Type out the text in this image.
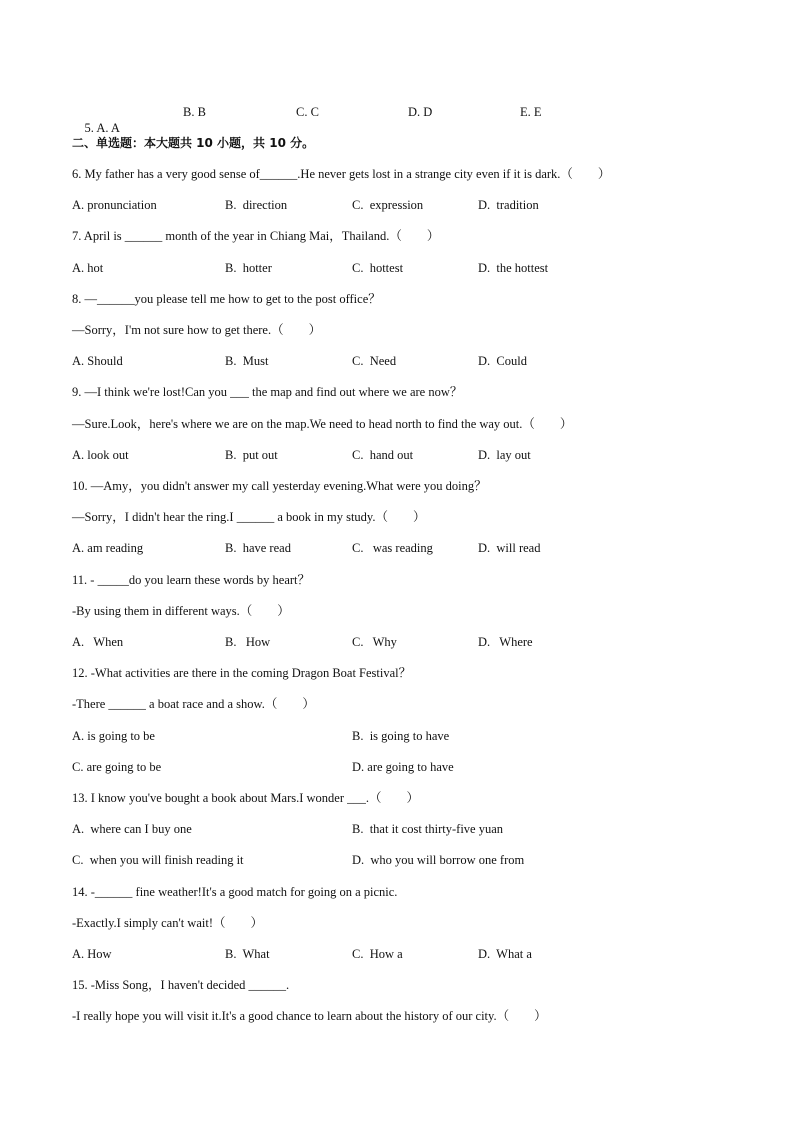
5. A. A

B. B	C. C	D. D	E. E
二、单选题：本大题共 10 小题，共 10 分。
6. My father has a very good sense of______.He never gets lost in a strange city even if it is dark.（        ）
A. pronunciation	B.  direction	C.  expression	D.  tradition
7. April is ______ month of the year in Chiang Mai，Thailand.（        ）
A. hot	B.  hotter	C.  hottest	D.  the hottest
8. —______you please tell me how to get to the post office？
—Sorry，I'm not sure how to get there.（        ）
A. Should	B.  Must	C.  Need	D.  Could
9. —I think we're lost!Can you ___ the map and find out where we are now？
—Sure.Look，here's where we are on the map.We need to head north to find the way out.（        ）
A. look out	B.  put out	C.  hand out	D.  lay out
10. —Amy，you didn't answer my call yesterday evening.What were you doing？
—Sorry，I didn't hear the ring.I ______ a book in my study.（        ）
A. am reading	B.  have read	C.   was reading	D.  will read
11. - _____do you learn these words by heart？
-By using them in different ways.（        ）
A.   When	B.   How	C.   Why	D.   Where
12. -What activities are there in the coming Dragon Boat Festival？
-There ______ a boat race and a show.（        ）
A. is going to be	B.  is going to have
C. are going to be	D. are going to have
13. I know you've bought a book about Mars.I wonder ___.（        ）
A.  where can I buy one	B.  that it cost thirty-five yuan
C.  when you will finish reading it	D.  who you will borrow one from
14. -______ fine weather!It's a good match for going on a picnic.
-Exactly.I simply can't wait!（        ）
A. How	B.  What	C.  How a	D.  What a
15. -Miss Song，I haven't decided ______.
-I really hope you will visit it.It's a good chance to learn about the history of our city.（        ）
